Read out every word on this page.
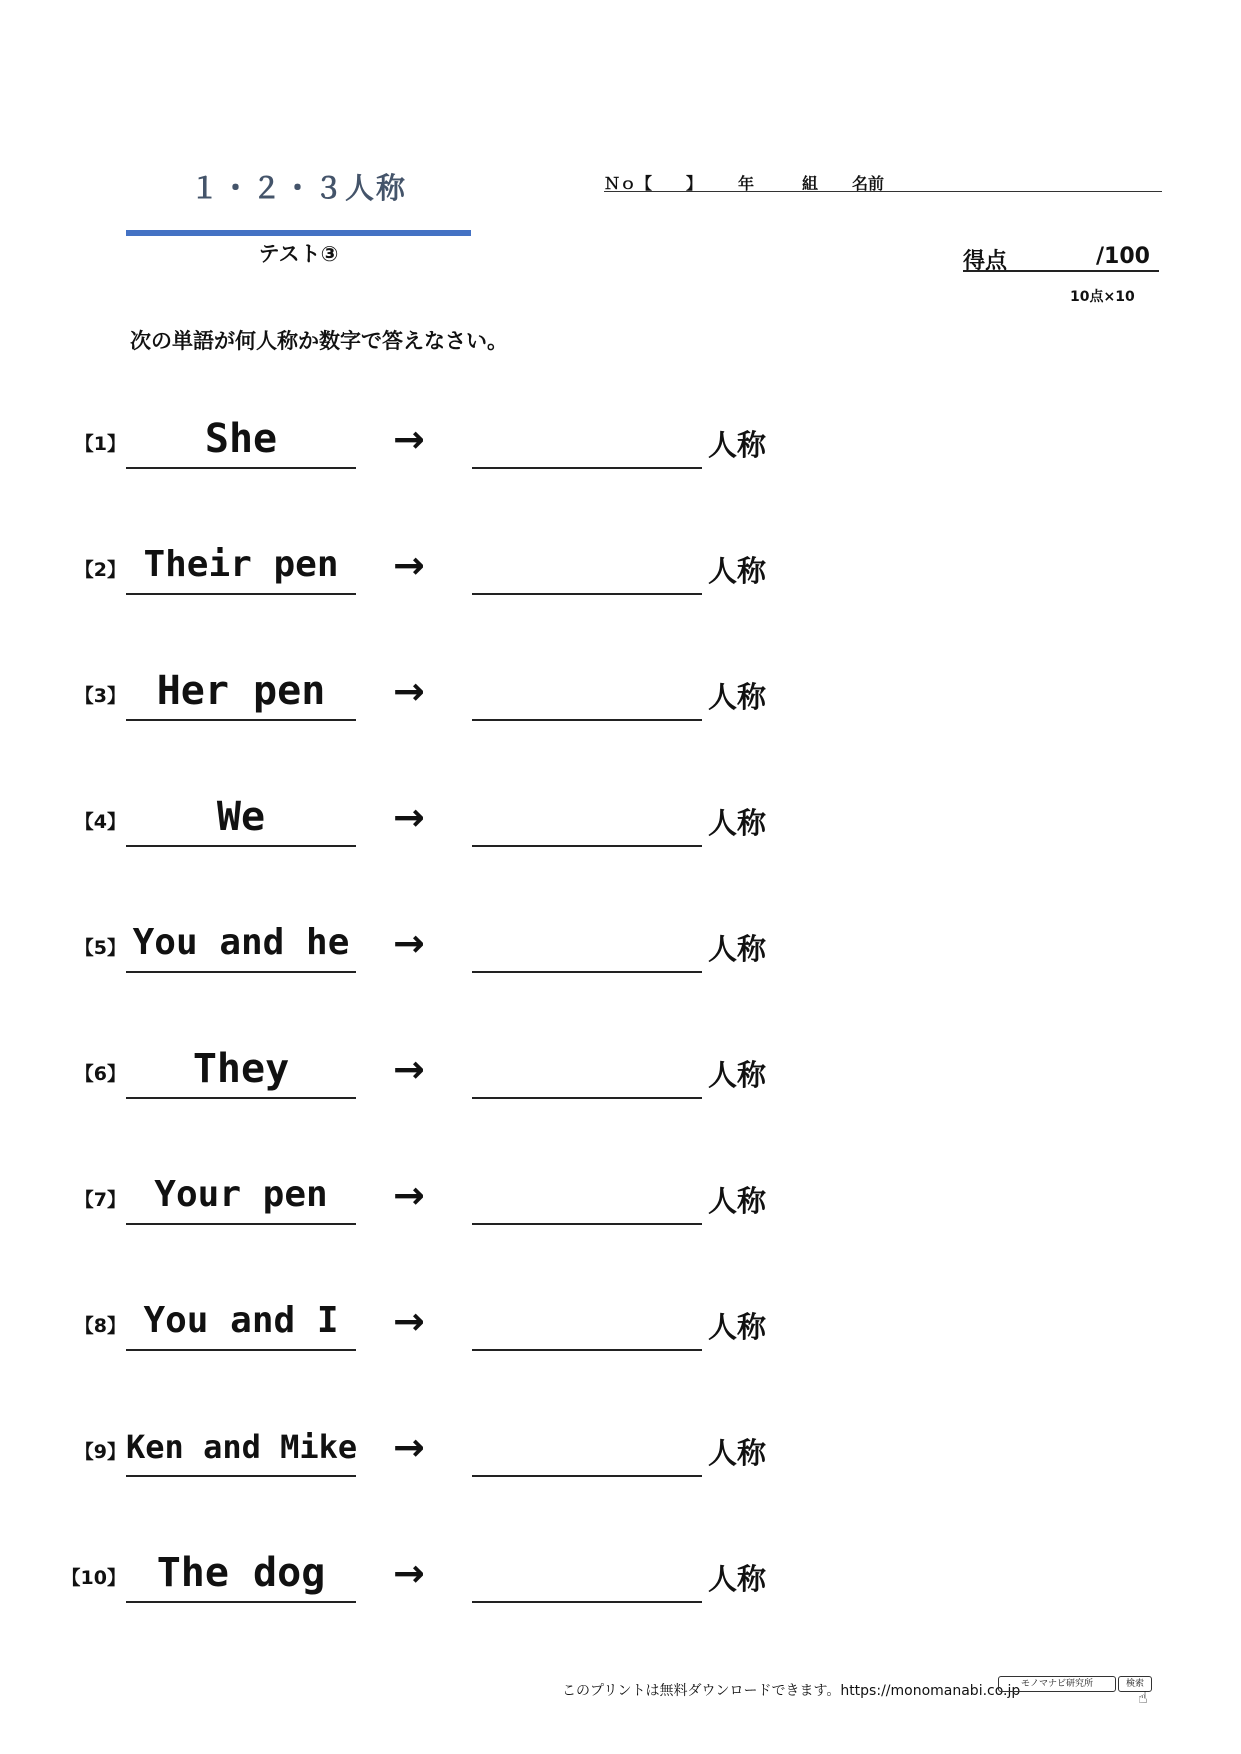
１・２・３人称
テスト③
Ｎｏ【 】 年	組 名前
得点	/100
10点×10
次の単語が何人称か数字で答えなさい。
【1】	She	→	人称
【2】 Their pen	→	人称
【3】 Her pen	→	人称
【4】	We	→	人称
【5】 You and he →	人称
【6】	They	→	人称
【7】 Your pen	→	人称
【8】 You and I	→	人称
【9】 Ken and Mike →	人称
【10】 The dog	→	人称
このプリントは無料ダウンロードできます。https://monomanabi.co.jp モノマナビ研究所	検索
☝
